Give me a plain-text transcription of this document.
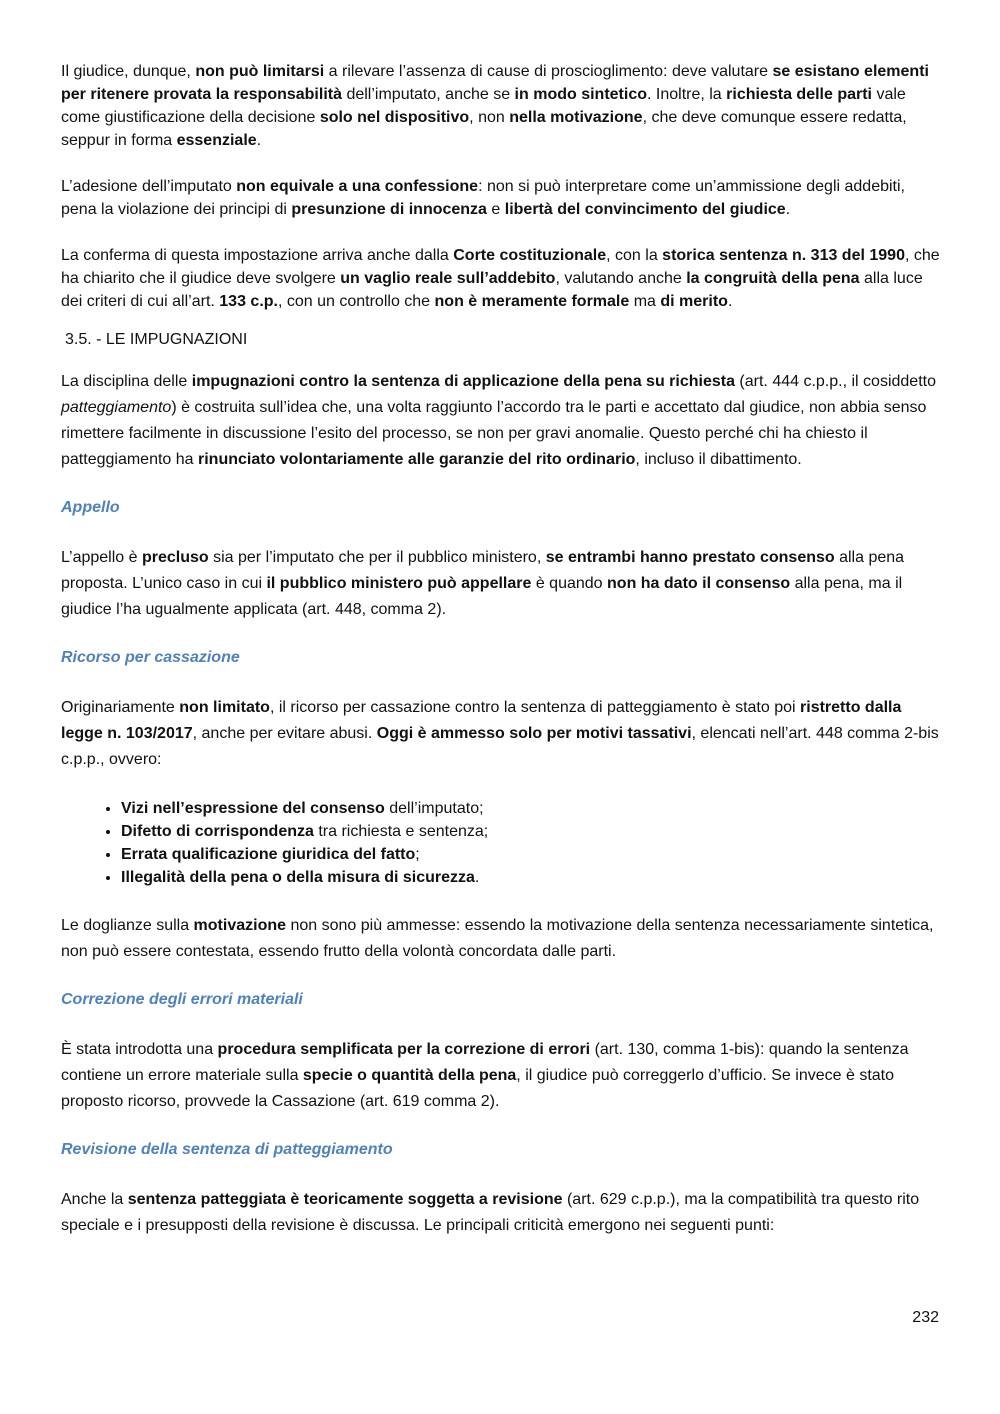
Il giudice, dunque, non può limitarsi a rilevare l’assenza di cause di proscioglimento: deve valutare se esistano elementi per ritenere provata la responsabilità dell’imputato, anche se in modo sintetico. Inoltre, la richiesta delle parti vale come giustificazione della decisione solo nel dispositivo, non nella motivazione, che deve comunque essere redatta, seppur in forma essenziale.

L’adesione dell’imputato non equivale a una confessione: non si può interpretare come un’ammissione degli addebiti, pena la violazione dei principi di presunzione di innocenza e libertà del convincimento del giudice.

La conferma di questa impostazione arriva anche dalla Corte costituzionale, con la storica sentenza n. 313 del 1990, che ha chiarito che il giudice deve svolgere un vaglio reale sull’addebito, valutando anche la congruità della pena alla luce dei criteri di cui all’art. 133 c.p., con un controllo che non è meramente formale ma di merito.

3.5. - LE IMPUGNAZIONI

La disciplina delle impugnazioni contro la sentenza di applicazione della pena su richiesta (art. 444 c.p.p., il cosiddetto patteggiamento) è costruita sull’idea che, una volta raggiunto l’accordo tra le parti e accettato dal giudice, non abbia senso rimettere facilmente in discussione l’esito del processo, se non per gravi anomalie. Questo perché chi ha chiesto il patteggiamento ha rinunciato volontariamente alle garanzie del rito ordinario, incluso il dibattimento.

Appello

L’appello è precluso sia per l’imputato che per il pubblico ministero, se entrambi hanno prestato consenso alla pena proposta. L’unico caso in cui il pubblico ministero può appellare è quando non ha dato il consenso alla pena, ma il giudice l’ha ugualmente applicata (art. 448, comma 2).

Ricorso per cassazione

Originariamente non limitato, il ricorso per cassazione contro la sentenza di patteggiamento è stato poi ristretto dalla legge n. 103/2017, anche per evitare abusi. Oggi è ammesso solo per motivi tassativi, elencati nell’art. 448 comma 2-bis c.p.p., ovvero:

• Vizi nell’espressione del consenso dell’imputato;
• Difetto di corrispondenza tra richiesta e sentenza;
• Errata qualificazione giuridica del fatto;
• Illegalità della pena o della misura di sicurezza.

Le doglianze sulla motivazione non sono più ammesse: essendo la motivazione della sentenza necessariamente sintetica, non può essere contestata, essendo frutto della volontà concordata dalle parti.

Correzione degli errori materiali

È stata introdotta una procedura semplificata per la correzione di errori (art. 130, comma 1-bis): quando la sentenza contiene un errore materiale sulla specie o quantità della pena, il giudice può correggerlo d’ufficio. Se invece è stato proposto ricorso, provvede la Cassazione (art. 619 comma 2).

Revisione della sentenza di patteggiamento

Anche la sentenza patteggiata è teoricamente soggetta a revisione (art. 629 c.p.p.), ma la compatibilità tra questo rito speciale e i presupposti della revisione è discussa. Le principali criticità emergono nei seguenti punti:

232
